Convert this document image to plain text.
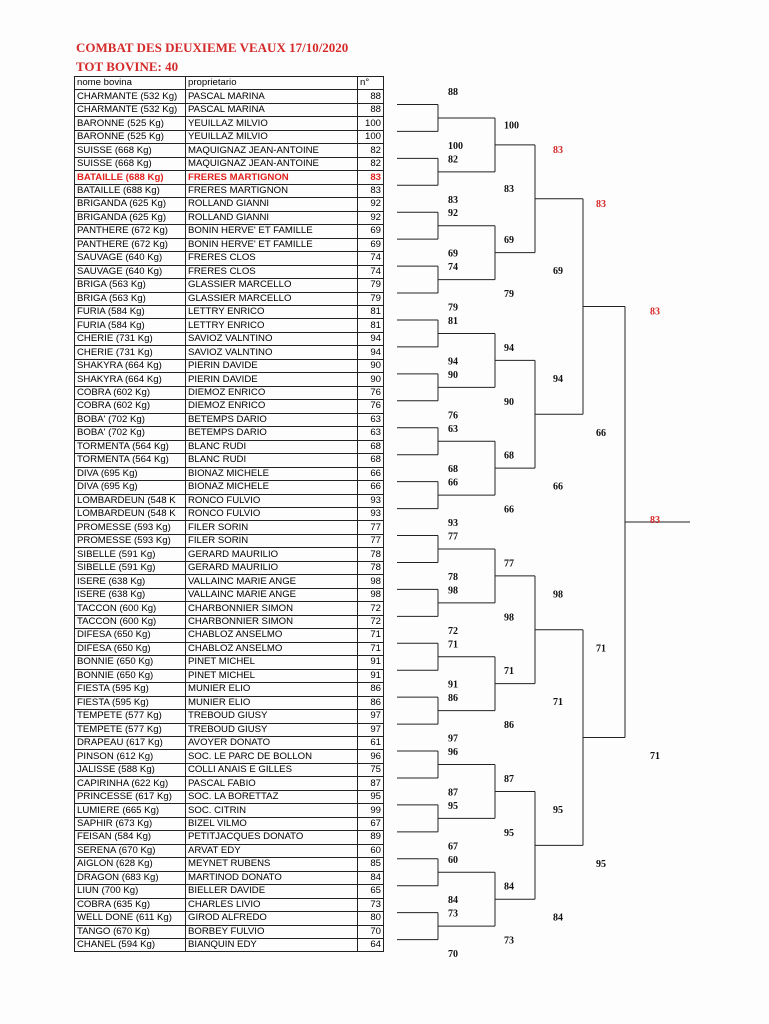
COMBAT DES DEUXIEME VEAUX 17/10/2020
TOT BOVINE: 40
nome bovina	proprietario	n°
CHARMANTE (532 Kg)	PASCAL MARINA	88
CHARMANTE (532 Kg)	PASCAL MARINA	88
BARONNE (525 Kg)	YEUILLAZ MILVIO	100
BARONNE (525 Kg)	YEUILLAZ MILVIO	100
SUISSE (668 Kg)	MAQUIGNAZ JEAN-ANTOINE	82
SUISSE (668 Kg)	MAQUIGNAZ JEAN-ANTOINE	82
BATAILLE (688 Kg)	FRERES MARTIGNON	83
BATAILLE (688 Kg)	FRERES MARTIGNON	83
BRIGANDA (625 Kg)	ROLLAND GIANNI	92
BRIGANDA (625 Kg)	ROLLAND GIANNI	92
PANTHERE (672 Kg)	BONIN HERVE' ET FAMILLE	69
PANTHERE (672 Kg)	BONIN HERVE' ET FAMILLE	69
SAUVAGE (640 Kg)	FRERES CLOS	74
SAUVAGE (640 Kg)	FRERES CLOS	74
BRIGA (563 Kg)	GLASSIER MARCELLO	79
BRIGA (563 Kg)	GLASSIER MARCELLO	79
FURIA (584 Kg)	LETTRY ENRICO	81
FURIA (584 Kg)	LETTRY ENRICO	81
CHERIE (731 Kg)	SAVIOZ VALNTINO	94
CHERIE (731 Kg)	SAVIOZ VALNTINO	94
SHAKYRA (664 Kg)	PIERIN DAVIDE	90
SHAKYRA (664 Kg)	PIERIN DAVIDE	90
COBRA (602 Kg)	DIEMOZ ENRICO	76
COBRA (602 Kg)	DIEMOZ ENRICO	76
BOBA' (702 Kg)	BETEMPS DARIO	63
BOBA' (702 Kg)	BETEMPS DARIO	63
TORMENTA (564 Kg)	BLANC RUDI	68
TORMENTA (564 Kg)	BLANC RUDI	68
DIVA (695 Kg)	BIONAZ MICHELE	66
DIVA (695 Kg)	BIONAZ MICHELE	66
LOMBARDEUN (548 K	RONCO FULVIO	93
LOMBARDEUN (548 K	RONCO FULVIO	93
PROMESSE (593 Kg)	FILER SORIN	77
PROMESSE (593 Kg)	FILER SORIN	77
SIBELLE (591 Kg)	GERARD MAURILIO	78
SIBELLE (591 Kg)	GERARD MAURILIO	78
ISERE (638 Kg)	VALLAINC MARIE ANGE	98
ISERE (638 Kg)	VALLAINC MARIE ANGE	98
TACCON (600 Kg)	CHARBONNIER SIMON	72
TACCON (600 Kg)	CHARBONNIER SIMON	72
DIFESA (650 Kg)	CHABLOZ ANSELMO	71
DIFESA (650 Kg)	CHABLOZ ANSELMO	71
BONNIE (650 Kg)	PINET MICHEL	91
BONNIE (650 Kg)	PINET MICHEL	91
FIESTA (595 Kg)	MUNIER ELIO	86
FIESTA (595 Kg)	MUNIER ELIO	86
TEMPETE (577 Kg)	TREBOUD GIUSY	97
TEMPETE (577 Kg)	TREBOUD GIUSY	97
DRAPEAU (617 Kg)	AVOYER DONATO	61
PINSON (612 Kg)	SOC. LE PARC DE BOLLON	96
JALISSE (588 Kg)	COLLI ANAIS E GILLES	75
CAPIRINHA (622 Kg)	PASCAL FABIO	87
PRINCESSE (617 Kg)	SOC. LA BORETTAZ	95
LUMIERE (665 Kg)	SOC. CITRIN	99
SAPHIR (673 Kg)	BIZEL VILMO	67
FEISAN (584 Kg)	PETITJACQUES DONATO	89
SERENA (670 Kg)	ARVAT EDY	60
AIGLON (628 Kg)	MEYNET RUBENS	85
DRAGON (683 Kg)	MARTINOD DONATO	84
LIUN (700 Kg)	BIELLER DAVIDE	65
COBRA (635 Kg)	CHARLES LIVIO	73
WELL DONE (611 Kg)	GIROD ALFREDO	80
TANGO (670 Kg)	BORBEY FULVIO	70
CHANEL (594 Kg)	BIANQUIN EDY	64
88
100
82
83
92
69
74
79
81
94
90
76
63
68
66
93
77
78
98
72
71
91
86
97
96
87
95
67
60
84
73
70
100
83
69
79
94
90
68
66
77
98
71
86
87
95
84
73
83
69
94
66
98
71
95
84
83
66
71
95
83
71
83
